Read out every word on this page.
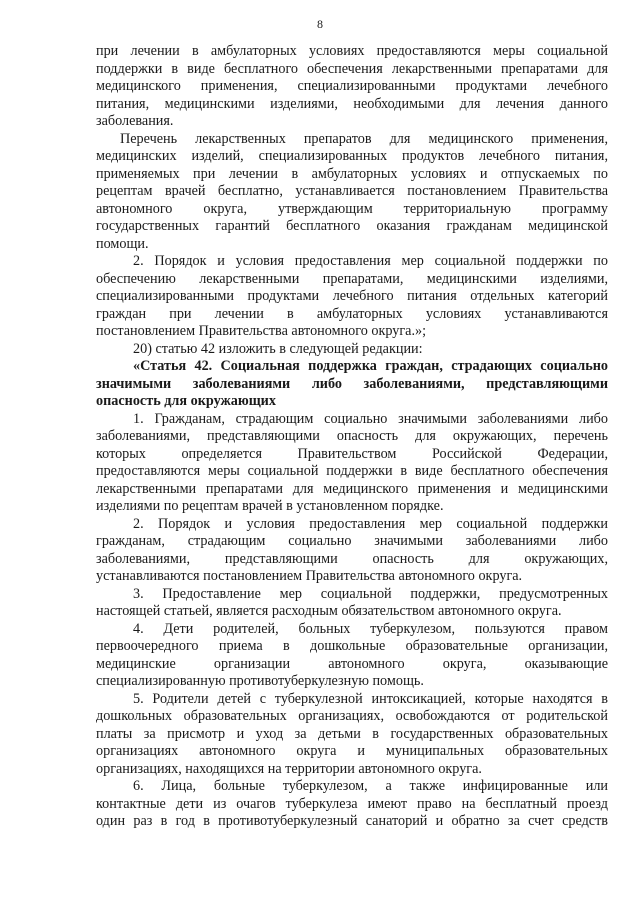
8
при лечении в амбулаторных условиях предоставляются меры социальной
поддержки в виде бесплатного обеспечения лекарственными препаратами для
медицинского применения, специализированными продуктами лечебного
питания, медицинскими изделиями, необходимыми для лечения данного
заболевания.
Перечень лекарственных препаратов для медицинского применения,
медицинских изделий, специализированных продуктов лечебного питания,
применяемых при лечении в амбулаторных условиях и отпускаемых по
рецептам врачей бесплатно, устанавливается постановлением Правительства
автономного округа, утверждающим территориальную программу
государственных гарантий бесплатного оказания гражданам медицинской
помощи.
2. Порядок и условия предоставления мер социальной поддержки по
обеспечению лекарственными препаратами, медицинскими изделиями,
специализированными продуктами лечебного питания отдельных категорий
граждан при лечении в амбулаторных условиях устанавливаются
постановлением Правительства автономного округа.»;
20) статью 42 изложить в следующей редакции:
«Статья 42. Социальная поддержка граждан, страдающих социально
значимыми заболеваниями либо заболеваниями, представляющими
опасность для окружающих
1. Гражданам, страдающим социально значимыми заболеваниями либо
заболеваниями, представляющими опасность для окружающих, перечень
которых определяется Правительством Российской Федерации,
предоставляются меры социальной поддержки в виде бесплатного обеспечения
лекарственными препаратами для медицинского применения и медицинскими
изделиями по рецептам врачей в установленном порядке.
2. Порядок и условия предоставления мер социальной поддержки
гражданам, страдающим социально значимыми заболеваниями либо
заболеваниями, представляющими опасность для окружающих,
устанавливаются постановлением Правительства автономного округа.
3. Предоставление мер социальной поддержки, предусмотренных
настоящей статьей, является расходным обязательством автономного округа.
4. Дети родителей, больных туберкулезом, пользуются правом
первоочередного приема в дошкольные образовательные организации,
медицинские организации автономного округа, оказывающие
специализированную противотуберкулезную помощь.
5. Родители детей с туберкулезной интоксикацией, которые находятся в
дошкольных образовательных организациях, освобождаются от родительской
платы за присмотр и уход за детьми в государственных образовательных
организациях автономного округа и муниципальных образовательных
организациях, находящихся на территории автономного округа.
6. Лица, больные туберкулезом, а также инфицированные или
контактные дети из очагов туберкулеза имеют право на бесплатный проезд
один раз в год в противотуберкулезный санаторий и обратно за счет средств
